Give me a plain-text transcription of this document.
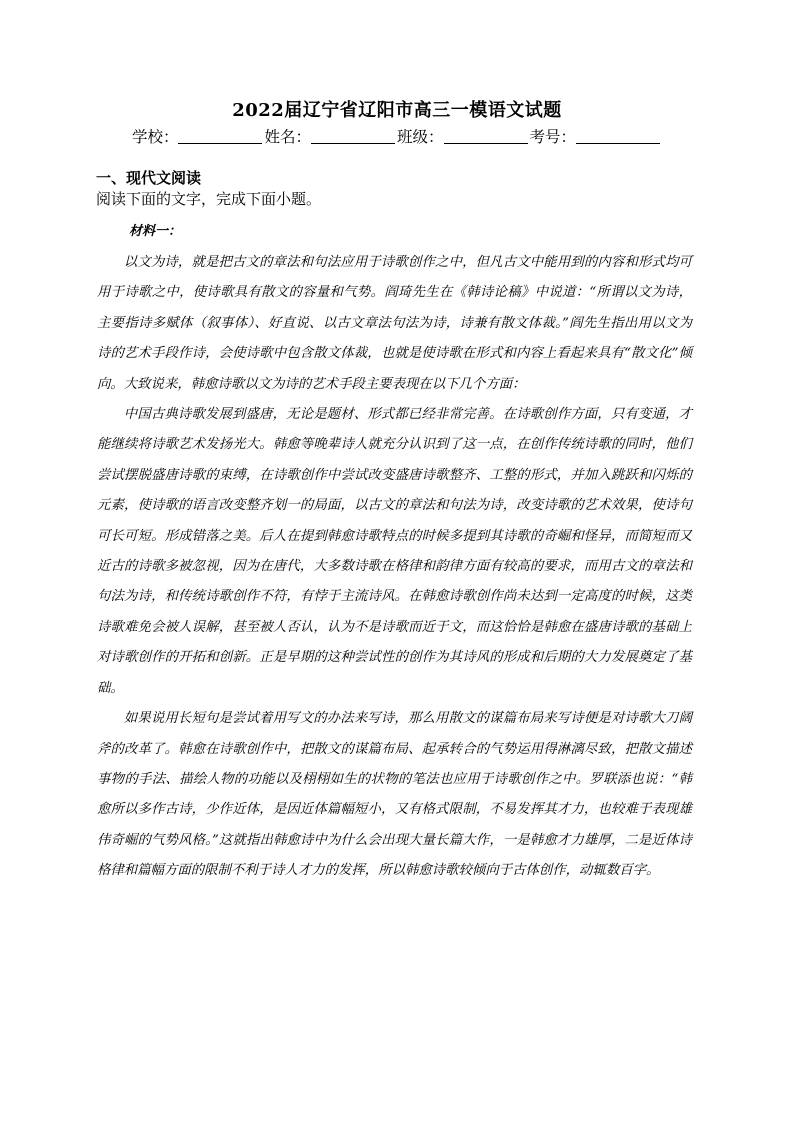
2022届辽宁省辽阳市高三一模语文试题
学校：	姓名：	班级：	考号：
一、现代文阅读
阅读下面的文字，完成下面小题。
材料一：

以文为诗，就是把古文的章法和句法应用于诗歌创作之中，但凡古文中能用到的内容和形式均可用于诗歌之中，使诗歌具有散文的容量和气势。阎琦先生在《韩诗论稿》中说道：“所谓以文为诗，主要指诗多赋体（叙事体）、好直说、以古文章法句法为诗，诗兼有散文体裁。”阎先生指出用以文为诗的艺术手段作诗，会使诗歌中包含散文体裁，也就是使诗歌在形式和内容上看起来具有“散文化”倾向。大致说来，韩愈诗歌以文为诗的艺术手段主要表现在以下几个方面：

中国古典诗歌发展到盛唐，无论是题材、形式都已经非常完善。在诗歌创作方面，只有变通，才能继续将诗歌艺术发扬光大。韩愈等晚辈诗人就充分认识到了这一点，在创作传统诗歌的同时，他们尝试摆脱盛唐诗歌的束缚，在诗歌创作中尝试改变盛唐诗歌整齐、工整的形式，并加入跳跃和闪烁的元素，使诗歌的语言改变整齐划一的局面，以古文的章法和句法为诗，改变诗歌的艺术效果，使诗句可长可短。形成错落之美。后人在提到韩愈诗歌特点的时候多提到其诗歌的奇崛和怪异，而简短而又近古的诗歌多被忽视，因为在唐代，大多数诗歌在格律和韵律方面有较高的要求，而用古文的章法和句法为诗，和传统诗歌创作不符，有悖于主流诗风。在韩愈诗歌创作尚未达到一定高度的时候，这类诗歌难免会被人误解，甚至被人否认，认为不是诗歌而近于文，而这恰恰是韩愈在盛唐诗歌的基础上对诗歌创作的开拓和创新。正是早期的这种尝试性的创作为其诗风的形成和后期的大力发展奠定了基础。

如果说用长短句是尝试着用写文的办法来写诗，那么用散文的谋篇布局来写诗便是对诗歌大刀阔斧的改革了。韩愈在诗歌创作中，把散文的谋篇布局、起承转合的气势运用得淋漓尽致，把散文描述事物的手法、描绘人物的功能以及栩栩如生的状物的笔法也应用于诗歌创作之中。罗联添也说：“韩愈所以多作古诗，少作近体，是因近体篇幅短小，又有格式限制，不易发挥其才力，也较难于表现雄伟奇崛的气势风格。”这就指出韩愈诗中为什么会出现大量长篇大作，一是韩愈才力雄厚，二是近体诗格律和篇幅方面的限制不利于诗人才力的发挥，所以韩愈诗歌较倾向于古体创作，动辄数百字。
